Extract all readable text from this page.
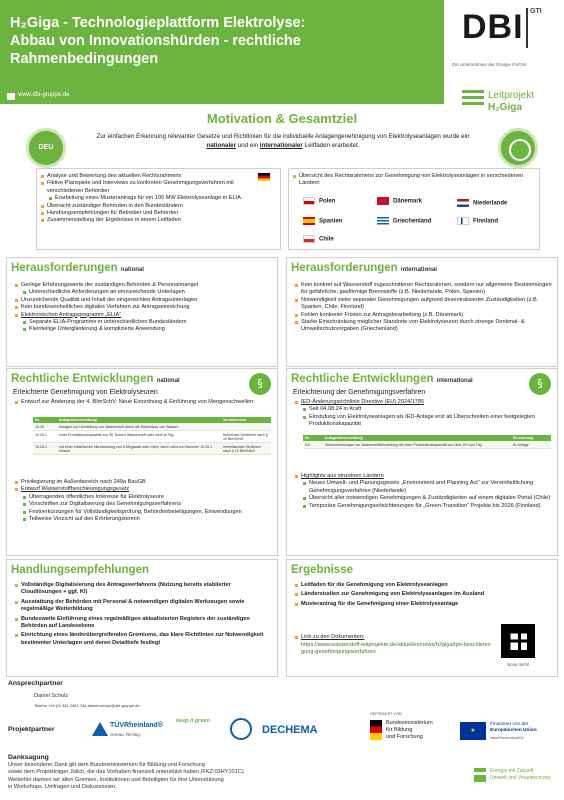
H₂Giga - Technologieplattform Elektrolyse:
Abbau von Innovationshürden - rechtliche
Rahmenbedingungen
DBI GTI
Ein Unternehmen der Gruppe DVGW
www.dbi-gruppe.de	Leitprojekt
H₂Giga
Motivation & Gesamtziel
DEU
Zur einfachen Erkennung relevanter Gesetze und Richtlinien für die individuelle Anlagengenehmigung von Elektrolyseanlagen wurde ein
nationaler und ein internationaler Leitfaden erarbeitet.
Analyse und Bewertung des aktuellen Rechtsrahmens
Fiktive Planspiele und Interviews zu konkreten Genehmigungsverfahren mit verschiedenen Behörden
Erarbeitung eines Musterantrags für ein 100 MW Elektrolyseanlage in ELIA
Übersicht zuständiger Behörden in den Bundesländern
Handlungsempfehlungen für Betreiber und Behörden
Zusammenstellung der Ergebnisse in einem Leitfaden
Übersicht des Rechtsrahmens zur Genehmigung von Elektrolyseanlagen in verschiedenen Ländern
Polen	Dänemark	Niederlande
Spanien	Griechenland	Finnland
Chile
Herausforderungen national
Geringe Erfahrungswerte der zuständigen Behörden & Personalmangel
Unterschiedliche Anforderungen an einzureichende Unterlagen
Unzureichende Qualität und Inhalt der eingereichten Antragsunterlagen
Kein bundeseinheitliches digitales Verfahren zur Antragseinreichung
Elektronischen Antragsprogramm „ELIA“
Separate ELIA-Programme in unterschiedlichen Bundesländern
Kleinteilige Untergliederung & komplizierte Anwendung
Herausforderungen international
Kein konkret auf Wasserstoff zugeschnittener Rechtsrahmen, sondern nur allgemeine Bestimmungen für gefährliche, gasförmige Brennstoffe (z.B. Niederlande, Polen, Spanien)
Notwendigkeit vieler separater Genehmigungen aufgrund dezentralisierter Zuständigkeiten (z.B. Spanien, Chile, Finnland)
Fehlen konkreter Fristen zur Antragsbearbeitung (z.B. Dänemark)
Starke Einschränkung möglicher Standorte von Elektrolyseuren durch strenge Denkmal- & Umweltschutzvorgaben (Griechenland)
Rechtliche Entwicklungen national	§
Erleichterte Genehmigung von Elektrolyseuren
Entwurf zur Änderung der 4. BImSchV: Neue Einordnung & Einführung von Mengenschwellen:
Nr.	Anlagenbeschreibung	Verfahrensart
10.26	Anlagen zur Herstellung von Wasserstoff durch die Elektrolyse von Wasser	
10.26.1	einer Produktionskapazität von 50 Tonnen Wasserstoff oder mehr je Tag,	förmliches Verfahren nach § 10 BImSchG
10.26.2	mit einer elektrischen Nennleistung von 5 Megawatt oder mehr, wenn nicht von Nummer 10.26.1 erfasst.	vereinfachtes Verfahren nach § 19 BImSchG
Privilegierung im Außenbereich nach 249a BauGB
Entwurf Wasserstoffbeschleunigungsgesetz
Überragendes öffentliches Interesse für Elektrolyseure
Vorschriften zur Digitalisierung des Genehmigungsverfahrens
Fristverkürzungen für Vollständigkeitsprüfung, Behördenbeteiligungen, Einwendungen
Teilweise Verzicht auf den Erörterungstermin
Rechtliche Entwicklungen international	§
Erleichterung der Genehmigungsverfahren
IED-Änderungsrichtlinie Directive (EU) 2024/1785
Seit 04.08.24 in Kraft
Einstufung von Elektrolyseanlagen als IED-Anlage erst ab Überschreiten einer festgelegten Produktionskapazität
Nr.	Anlagenbeschreibung	Einordnung
6.6	Wasserelektrolyse zur Wasserstoffherstellung mit einer Produktionskapazität von über 50 t pro Tag	IE-Anlage
Highlights aus einzelnen Ländern
Neues Umwelt- und Planungsgesetz „Environment and Planning Act“ zur Vereinheitlichung Genehmigungsverfahren (Niederlande)
Übersicht aller notwendigen Genehmigungen & Zuständigkeiten auf einem digitalen Portal (Chile)
Temporäre Genehmigungserleichterungen für „Green-Transition“ Projekte bis 2026 (Finnland)
Handlungsempfehlungen
Vollständige Digitalisierung des Antragsverfahrens (Nutzung bereits etablierter Cloudlösungen + ggf. KI)
Ausstattung der Behörden mit Personal & notwendigen digitalen Werkzeugen sowie regelmäßige Weiterbildung
Bundesweite Einführung eines regelmäßigen aktualisierten Registers der zuständigen Behörden auf Landesebene
Einrichtung eines länderübergreifenden Gremiums, das klare Richtlinien zur Notwendigkeit bestimmter Unterlagen und deren Detailtiefe festlegt
Ergebnisse
Leitfaden für die Genehmigung von Elektrolyseanlagen
Länderstudien zur Genehmigung von Elektrolyseanlagen im Ausland
Musterantrag für die Genehmigung einer Elektrolyseanlage
Link zu den Dokumenten:
https://www.wasserstoff-leitprojekte.de/aktuelles/news/h2giga/tpe-beschleunigung-genehmigungsverfahren
Scan mich!
Ansprechpartner
Daniel Schulz
Telefon +49 (0) 341 2457-134 daniel.schulz@dbi-gruppe.de
Projektpartner
TÜVRheinland®
Genau. Richtig.
keep it green
DECHEMA
GEFÖRDERT VOM
Bundesministerium
für Bildung
und Forschung
★
Finanziert von der
Europäischen Union
NextGenerationEU
Danksagung
Unser besonderer Dank gilt dem Bundesministerium für Bildung und Forschung
sowie dem Projektträger Jülich, die das Vorhaben finanziell unterstützt haben (FKZ:03HY101C).
Weiterhin danken wir allen Gremien, Institutionen und Beteiligten für ihre Unterstützung
in Workshops, Umfragen und Diskussionen.
Energie mit Zukunft.
Umwelt und Verantwortung.
